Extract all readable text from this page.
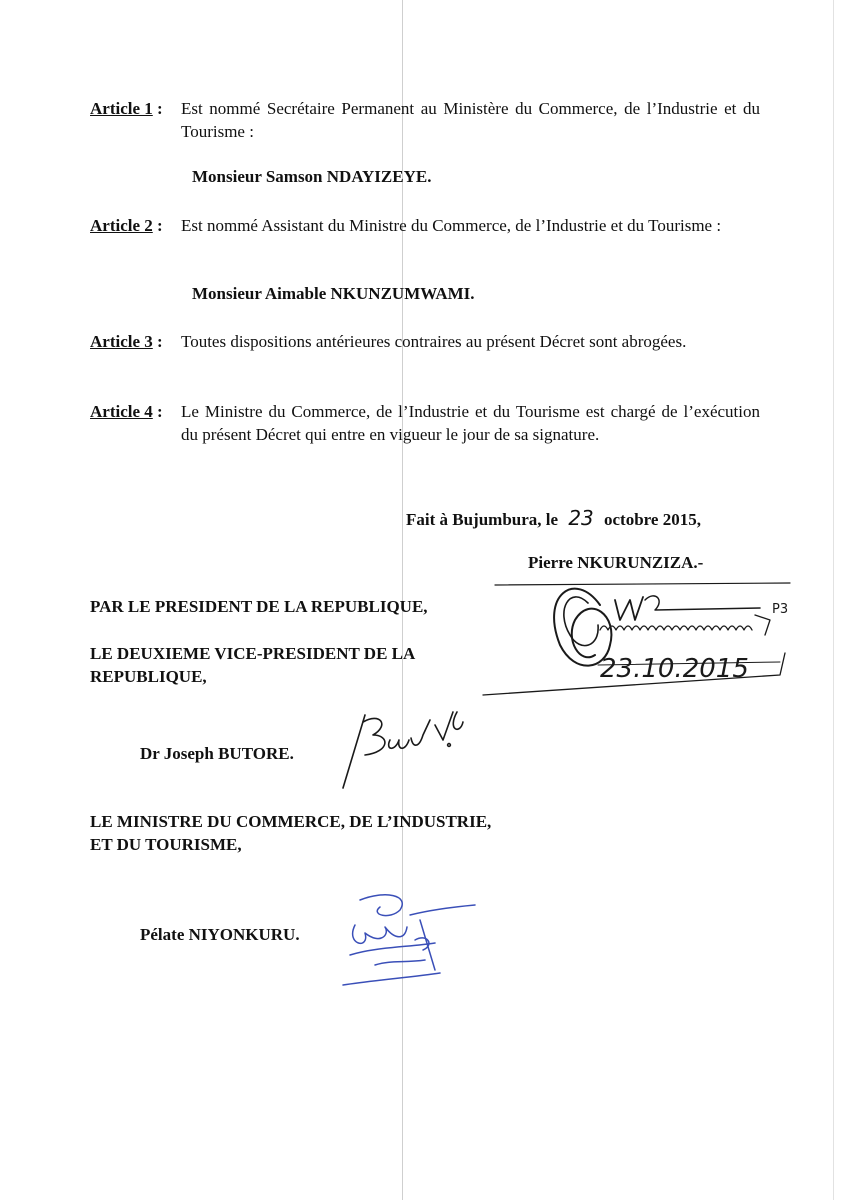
Article 1 : Est nommé Secrétaire Permanent au Ministère du Commerce, de l’Industrie et du Tourisme :
Monsieur Samson NDAYIZEYE.
Article 2 : Est nommé Assistant du Ministre du Commerce, de l’Industrie et du Tourisme :
Monsieur Aimable NKUNZUMWAMI.
Article 3 : Toutes dispositions antérieures contraires au présent Décret sont abrogées.
Article 4 : Le Ministre du Commerce, de l’Industrie et du Tourisme est chargé de l’exécution du présent Décret qui entre en vigueur le jour de sa signature.
Fait à Bujumbura, le 23 octobre 2015,
Pierre NKURUNZIZA.-
P3
23.10.2015
PAR LE PRESIDENT DE LA REPUBLIQUE,
LE DEUXIEME VICE-PRESIDENT DE LA
REPUBLIQUE,
Dr Joseph BUTORE.
LE MINISTRE DU COMMERCE, DE L’INDUSTRIE,
ET DU TOURISME,
Pélate NIYONKURU.
